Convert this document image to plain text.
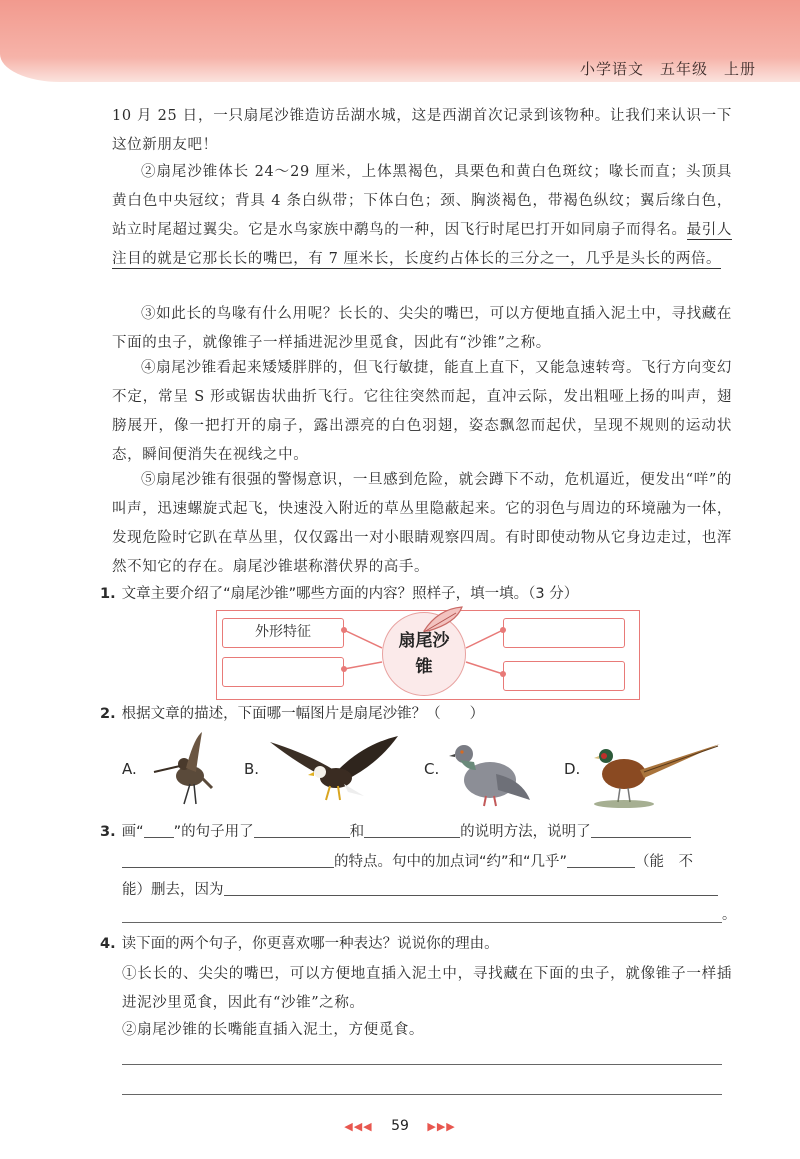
小学语文　五年级　上册
10 月 25 日，一只扇尾沙锥造访岳湖水城，这是西湖首次记录到该物种。让我们来认识一下这位新朋友吧！
②扇尾沙锥体长 24～29 厘米，上体黑褐色，具栗色和黄白色斑纹；喙长而直；头顶具黄白色中央冠纹；背具 4 条白纵带；下体白色；颈、胸淡褐色，带褐色纵纹；翼后缘白色，站立时尾超过翼尖。它是水鸟家族中鹬鸟的一种，因飞行时尾巴打开如同扇子而得名。最引人注目的就是它那长长的嘴巴，有 7 厘米长，长度约占体长的三分之一，几乎是头长的两倍。
③如此长的鸟喙有什么用呢？长长的、尖尖的嘴巴，可以方便地直插入泥土中，寻找藏在下面的虫子，就像锥子一样插进泥沙里觅食，因此有“沙锥”之称。
④扇尾沙锥看起来矮矮胖胖的，但飞行敏捷，能直上直下，又能急速转弯。飞行方向变幻不定，常呈 S 形或锯齿状曲折飞行。它往往突然而起，直冲云际，发出粗哑上扬的叫声，翅膀展开，像一把打开的扇子，露出漂亮的白色羽翅，姿态飘忽而起伏，呈现不规则的运动状态，瞬间便消失在视线之中。
⑤扇尾沙锥有很强的警惕意识，一旦感到危险，就会蹲下不动，危机逼近，便发出“咩”的叫声，迅速螺旋式起飞，快速没入附近的草丛里隐蔽起来。它的羽色与周边的环境融为一体，发现危险时它趴在草丛里，仅仅露出一对小眼睛观察四周。有时即使动物从它身边走过，也浑然不知它的存在。扇尾沙锥堪称潜伏界的高手。
1. 文章主要介绍了“扇尾沙锥”哪些方面的内容？照样子，填一填。（3 分）
外形特征	扇尾沙锥
2. 根据文章的描述，下面哪一幅图片是扇尾沙锥？（　　）
A.	B.	C.	D.
3. 画“ ”的句子用了	和	的说明方法，说明了
的特点。句中的加点词“约”和“几乎”	（能　不
能）删去，因为
。
4. 读下面的两个句子，你更喜欢哪一种表达？说说你的理由。
①长长的、尖尖的嘴巴，可以方便地直插入泥土中，寻找藏在下面的虫子，就像锥子一样插进泥沙里觅食，因此有“沙锥”之称。
②扇尾沙锥的长嘴能直插入泥土，方便觅食。
◀◀◀ 59 ▶▶▶
